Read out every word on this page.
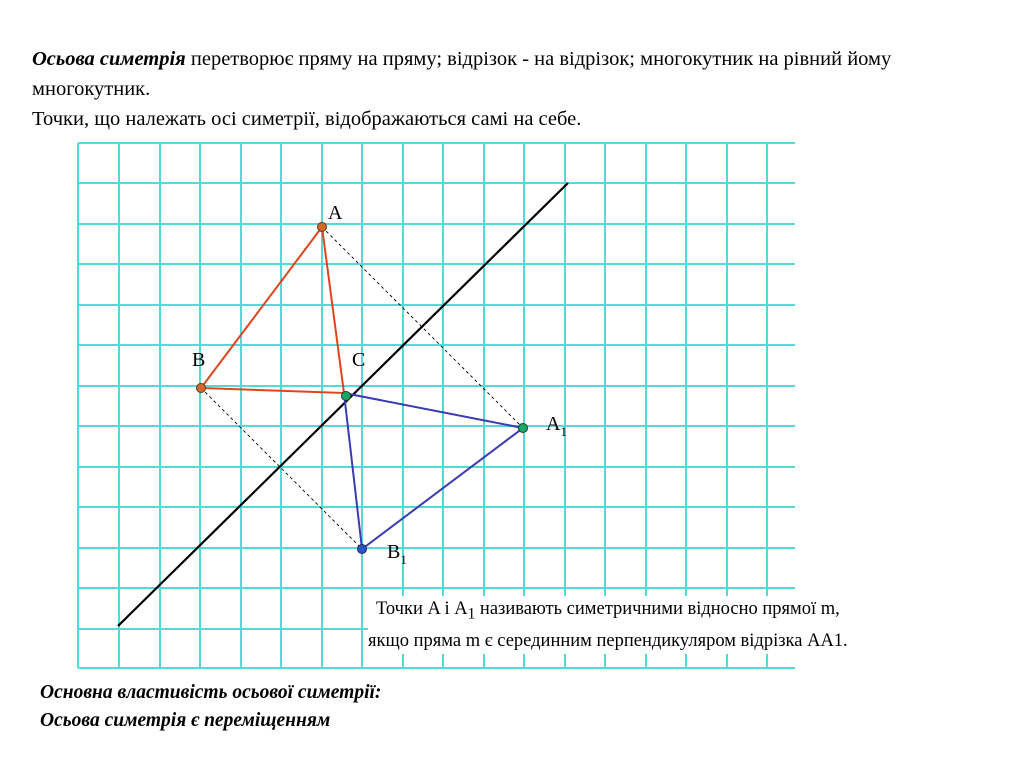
Осьова симетрія перетворює пряму на пряму; відрізок - на відрізок; многокутник на рівний йому многокутник.

Точки, що належать осі симетрії, відображаються самі на себе.

A
B	C
$A_1$
$B_1$

Точки A і $A_1$ називають симетричними відносно прямої m,

якщо пряма m є серединним перпендикуляром відрізка AA1.

Основна властивість осьової симетрії:

Осьова симетрія є переміщенням
